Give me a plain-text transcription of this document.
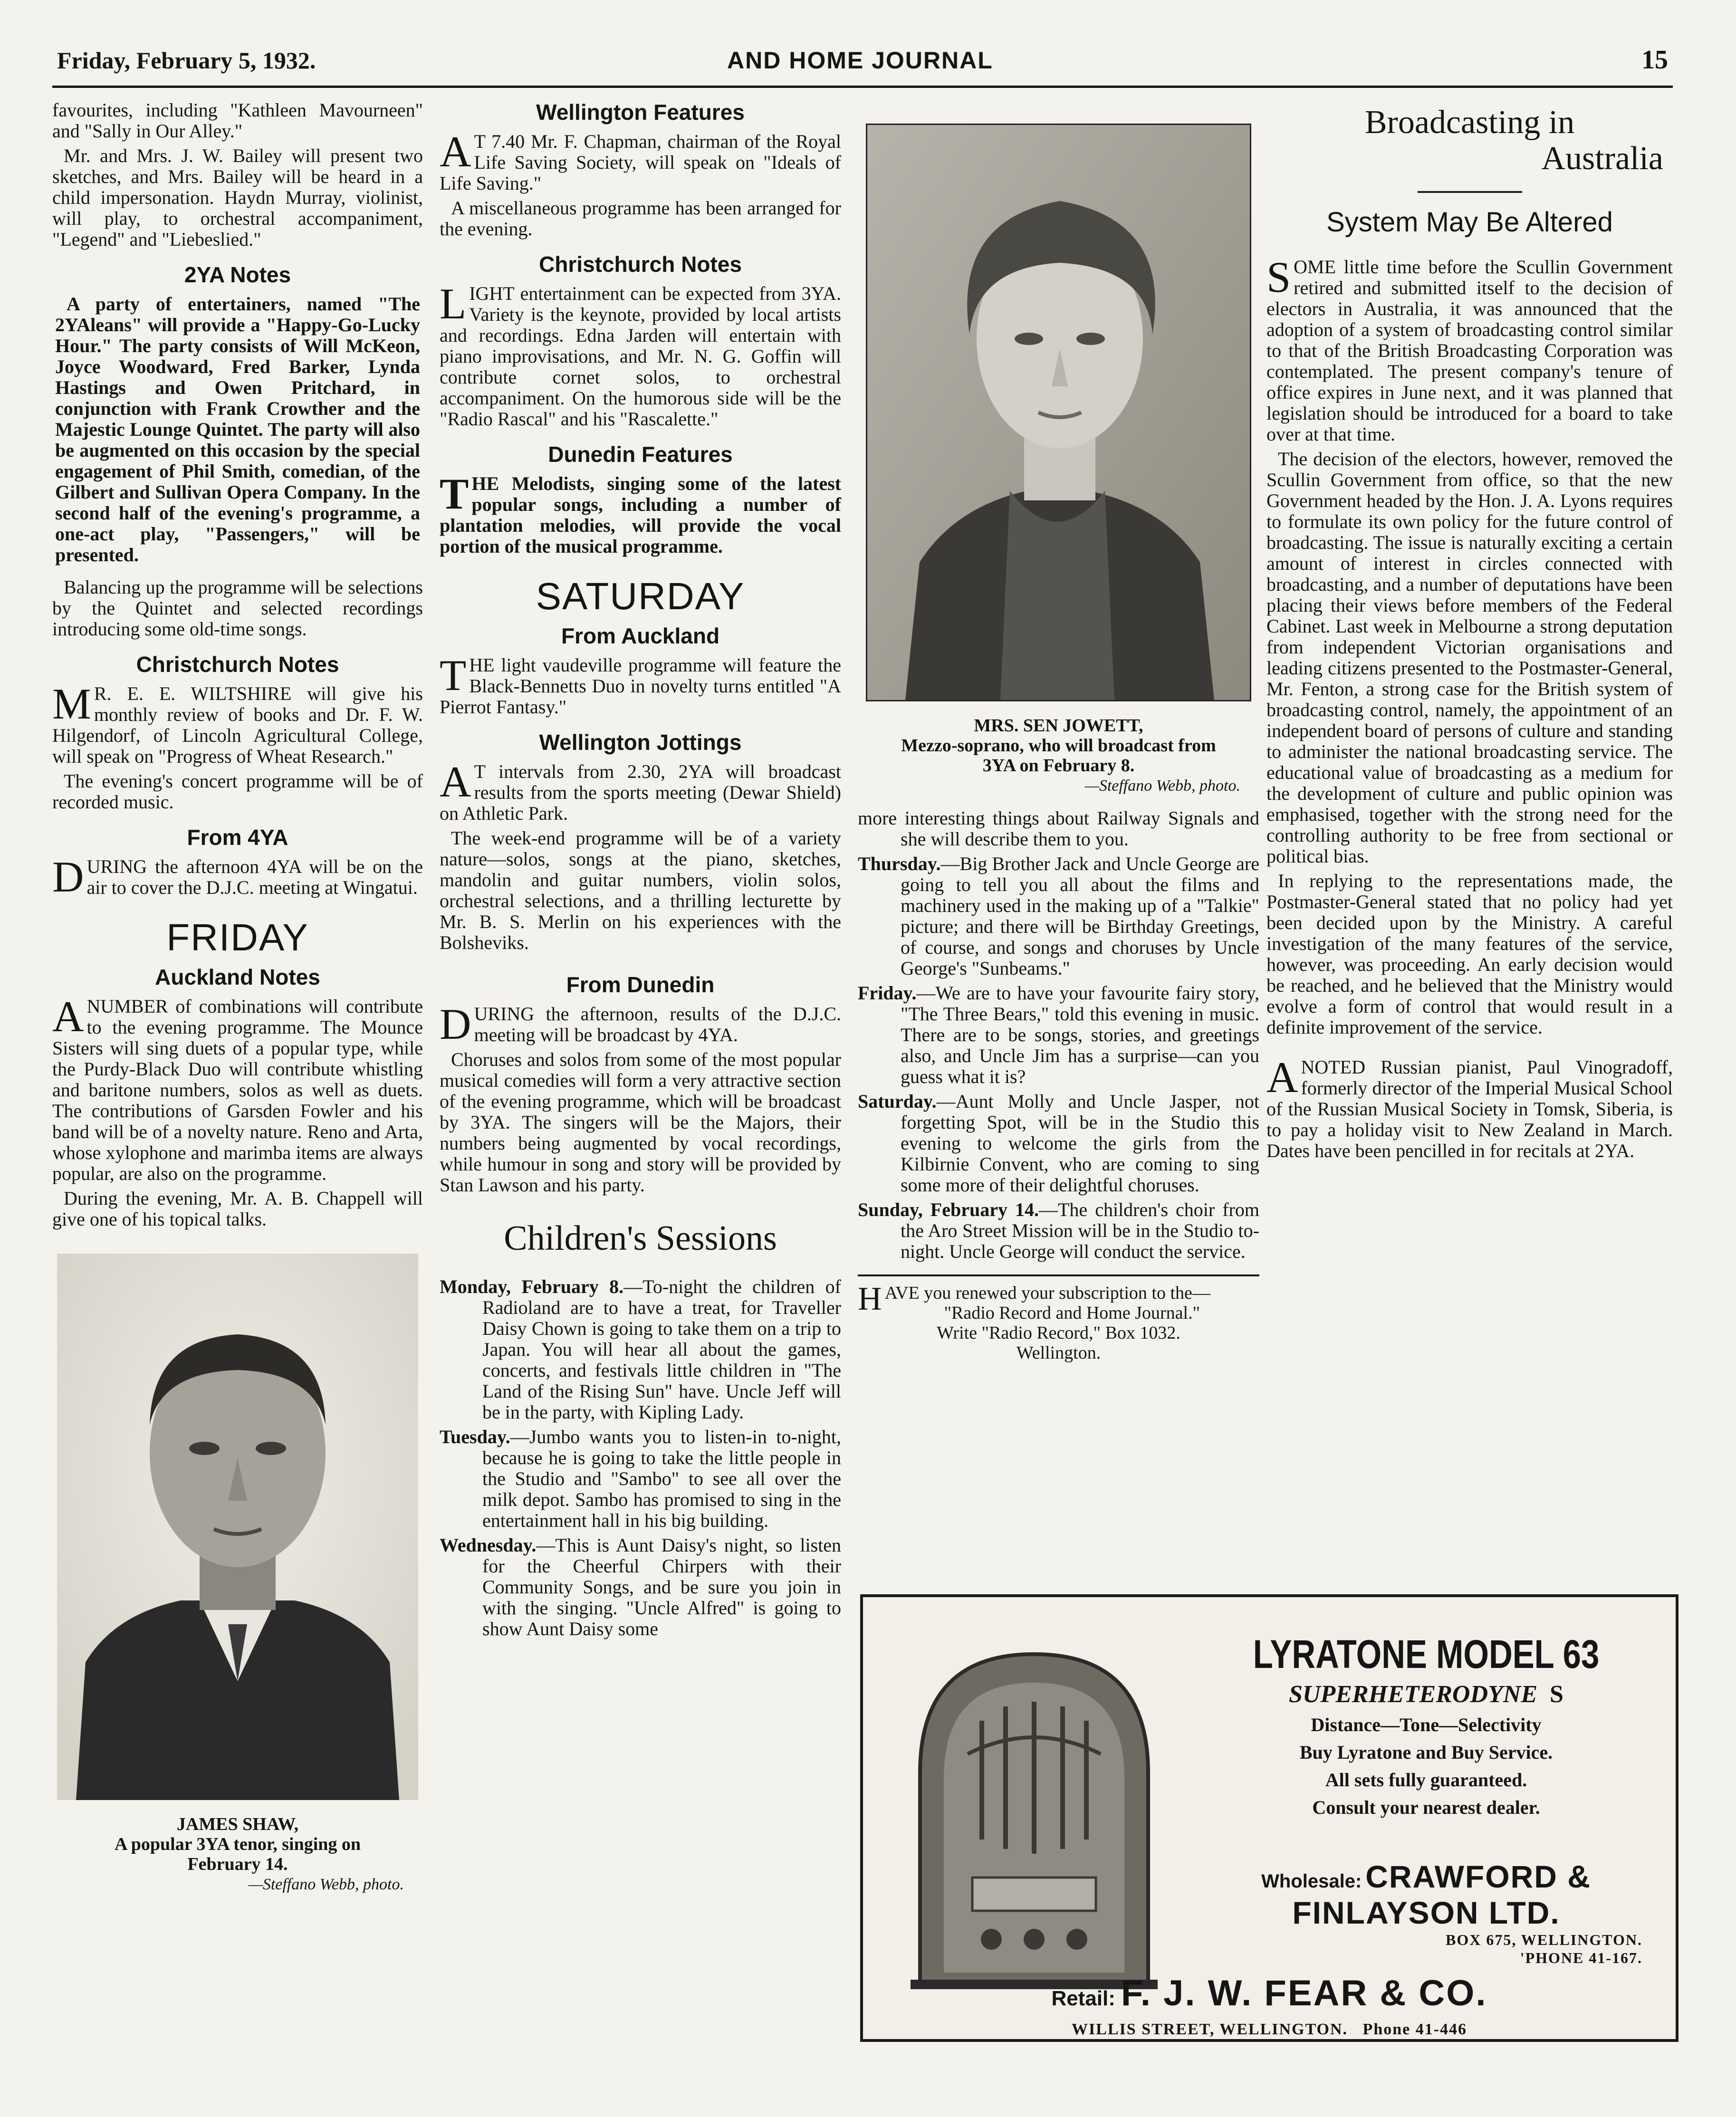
Friday, February 5, 1932.	AND HOME JOURNAL	15

favourites, including "Kathleen Mavourneen" and "Sally in Our Alley."

Mr. and Mrs. J. W. Bailey will present two sketches, and Mrs. Bailey will be heard in a child impersonation. Haydn Murray, violinist, will play, to orchestral accompaniment, "Legend" and "Liebeslied."

2YA Notes

A party of entertainers, named "The 2YAleans" will provide a "Happy-Go-Lucky Hour." The party consists of Will McKeon, Joyce Woodward, Fred Barker, Lynda Hastings and Owen Pritchard, in conjunction with Frank Crowther and the Majestic Lounge Quintet. The party will also be augmented on this occasion by the special engagement of Phil Smith, comedian, of the Gilbert and Sullivan Opera Company. In the second half of the evening's programme, a one-act play, "Passengers," will be presented.

Balancing up the programme will be selections by the Quintet and selected recordings introducing some old-time songs.

Christchurch Notes

M R. E. E. WILTSHIRE will give his monthly review of books and Dr. F. W. Hilgendorf, of Lincoln Agricultural College, will speak on "Progress of Wheat Research."

The evening's concert programme will be of recorded music.

From 4YA

DURING the afternoon 4YA will be on the air to cover the D.J.C. meeting at Wingatui.

FRIDAY
Auckland Notes

A NUMBER of combinations will contribute to the evening programme. The Mounce Sisters will sing duets of a popular type, while the Purdy-Black Duo will contribute whistling and baritone numbers, solos as well as duets. The contributions of Garsden Fowler and his band will be of a novelty nature. Reno and Arta, whose xylophone and marimba items are always popular, are also on the programme.

During the evening, Mr. A. B. Chappell will give one of his topical talks.

JAMES SHAW,
A popular 3YA tenor, singing on February 14.
—Steffano Webb, photo.
Wellington Features

A T 7.40 Mr. F. Chapman, chairman of the Royal Life Saving Society, will speak on "Ideals of Life Saving."

A miscellaneous programme has been arranged for the evening.

Christchurch Notes

LIGHT entertainment can be expected from 3YA. Variety is the keynote, provided by local artists and recordings. Edna Jarden will entertain with piano improvisations, and Mr. N. G. Goffin will contribute cornet solos, to orchestral accompaniment. On the humorous side will be the "Radio Rascal" and his "Rascalette."

Dunedin Features

THE Melodists, singing some of the latest popular songs, including a number of plantation melodies, will provide the vocal portion of the musical programme.

SATURDAY
From Auckland

THE light vaudeville programme will feature the Black-Bennetts Duo in novelty turns entitled "A Pierrot Fantasy."

Wellington Jottings

A T intervals from 2.30, 2YA will broadcast results from the sports meeting (Dewar Shield) on Athletic Park.

The week-end programme will be of a variety nature—solos, songs at the piano, sketches, mandolin and guitar numbers, violin solos, orchestral selections, and a thrilling lecturette by Mr. B. S. Merlin on his experiences with the Bolsheviks.

From Dunedin

DURING the afternoon, results of the D.J.C. meeting will be broadcast by 4YA.

Choruses and solos from some of the most popular musical comedies will form a very attractive section of the evening programme, which will be broadcast by 3YA. The singers will be the Majors, their numbers being augmented by vocal recordings, while humour in song and story will be provided by Stan Lawson and his party.

Children's Sessions

Monday, February 8.—To-night the children of Radioland are to have a treat, for Traveller Daisy Chown is going to take them on a trip to Japan. You will hear all about the games, concerts, and festivals little children in "The Land of the Rising Sun" have. Uncle Jeff will be in the party, with Kipling Lady.

Tuesday.—Jumbo wants you to listen-in to-night, because he is going to take the little people in the Studio and "Sambo" to see all over the milk depot. Sambo has promised to sing in the entertainment hall in his big building.

Wednesday.—This is Aunt Daisy's night, so listen for the Cheerful Chirpers with their Community Songs, and be sure you join in with the singing. "Uncle Alfred" is going to show Aunt Daisy some

MRS. SEN JOWETT,
Mezzo-soprano, who will broadcast from 3YA on February 8.
—Steffano Webb, photo.

more interesting things about Railway Signals and she will describe them to you.

Thursday.—Big Brother Jack and Uncle George are going to tell you all about the films and machinery used in the making up of a "Talkie" picture; and there will be Birthday Greetings, of course, and songs and choruses by Uncle George's "Sunbeams."

Friday.—We are to have your favourite fairy story, "The Three Bears," told this evening in music. There are to be songs, stories, and greetings also, and Uncle Jim has a surprise—can you guess what it is?

Saturday.—Aunt Molly and Uncle Jasper, not forgetting Spot, will be in the Studio this evening to welcome the girls from the Kilbirnie Convent, who are coming to sing some more of their delightful choruses.

Sunday, February 14.—The children's choir from the Aro Street Mission will be in the Studio to-night. Uncle George will conduct the service.

HAVE you renewed your subscription to the—
"Radio Record and Home Journal."
Write "Radio Record," Box 1032.
Wellington.
Broadcasting in
Australia
System May Be Altered

SOME little time before the Scullin Government retired and submitted itself to the decision of electors in Australia, it was announced that the adoption of a system of broadcasting control similar to that of the British Broadcasting Corporation was contemplated. The present company's tenure of office expires in June next, and it was planned that legislation should be introduced for a board to take over at that time.

The decision of the electors, however, removed the Scullin Government from office, so that the new Government headed by the Hon. J. A. Lyons requires to formulate its own policy for the future control of broadcasting. The issue is naturally exciting a certain amount of interest in circles connected with broadcasting, and a number of deputations have been placing their views before members of the Federal Cabinet. Last week in Melbourne a strong deputation from independent Victorian organisations and leading citizens presented to the Postmaster-General, Mr. Fenton, a strong case for the British system of broadcasting control, namely, the appointment of an independent board of persons of culture and standing to administer the national broadcasting service. The educational value of broadcasting as a medium for the development of culture and public opinion was emphasised, together with the strong need for the controlling authority to be free from sectional or political bias.

In replying to the representations made, the Postmaster-General stated that no policy had yet been decided upon by the Ministry. A careful investigation of the many features of the service, however, was proceeding. An early decision would be reached, and he believed that the Ministry would evolve a form of control that would result in a definite improvement of the service.

A NOTED Russian pianist, Paul Vinogradoff, formerly director of the Imperial Musical School of the Russian Musical Society in Tomsk, Siberia, is to pay a holiday visit to New Zealand in March. Dates have been pencilled in for recitals at 2YA.

LYRATONE MODEL 63
SUPERHETERODYNE S
Distance—Tone—Selectivity
Buy Lyratone and Buy Service.
All sets fully guaranteed.
Consult your nearest dealer.
Wholesale: CRAWFORD &
FINLAYSON LTD.
BOX 675, WELLINGTON.
'PHONE 41-167.
Retail: F. J. W. FEAR & CO.
WILLIS STREET, WELLINGTON. Phone 41-446
